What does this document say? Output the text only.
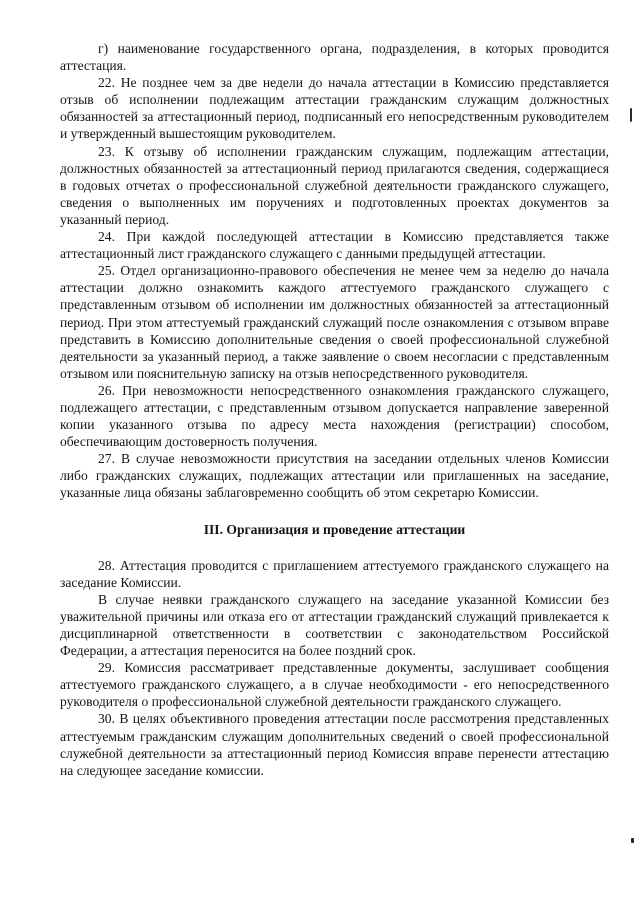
г) наименование государственного органа, подразделения, в которых проводится аттестация.

22. Не позднее чем за две недели до начала аттестации в Комиссию представляется отзыв об исполнении подлежащим аттестации гражданским служащим должностных обязанностей за аттестационный период, подписанный его непосредственным руководителем и утвержденный вышестоящим руководителем.

23. К отзыву об исполнении гражданским служащим, подлежащим аттестации, должностных обязанностей за аттестационный период прилагаются сведения, содержащиеся в годовых отчетах о профессиональной служебной деятельности гражданского служащего, сведения о выполненных им поручениях и подготовленных проектах документов за указанный период.

24. При каждой последующей аттестации в Комиссию представляется также аттестационный лист гражданского служащего с данными предыдущей аттестации.

25. Отдел организационно-правового обеспечения не менее чем за неделю до начала аттестации должно ознакомить каждого аттестуемого гражданского служащего с представленным отзывом об исполнении им должностных обязанностей за аттестационный период. При этом аттестуемый гражданский служащий после ознакомления с отзывом вправе представить в Комиссию дополнительные сведения о своей профессиональной служебной деятельности за указанный период, а также заявление о своем несогласии с представленным отзывом или пояснительную записку на отзыв непосредственного руководителя.

26. При невозможности непосредственного ознакомления гражданского служащего, подлежащего аттестации, с представленным отзывом допускается направление заверенной копии указанного отзыва по адресу места нахождения (регистрации) способом, обеспечивающим достоверность получения.

27. В случае невозможности присутствия на заседании отдельных членов Комиссии либо гражданских служащих, подлежащих аттестации или приглашенных на заседание, указанные лица обязаны заблаговременно сообщить об этом секретарю Комиссии.

III. Организация и проведение аттестации

28. Аттестация проводится с приглашением аттестуемого гражданского служащего на заседание Комиссии.

В случае неявки гражданского служащего на заседание указанной Комиссии без уважительной причины или отказа его от аттестации гражданский служащий привлекается к дисциплинарной ответственности в соответствии с законодательством Российской Федерации, а аттестация переносится на более поздний срок.

29. Комиссия рассматривает представленные документы, заслушивает сообщения аттестуемого гражданского служащего, а в случае необходимости - его непосредственного руководителя о профессиональной служебной деятельности гражданского служащего.

30. В целях объективного проведения аттестации после рассмотрения представленных аттестуемым гражданским служащим дополнительных сведений о своей профессиональной служебной деятельности за аттестационный период Комиссия вправе перенести аттестацию на следующее заседание комиссии.
